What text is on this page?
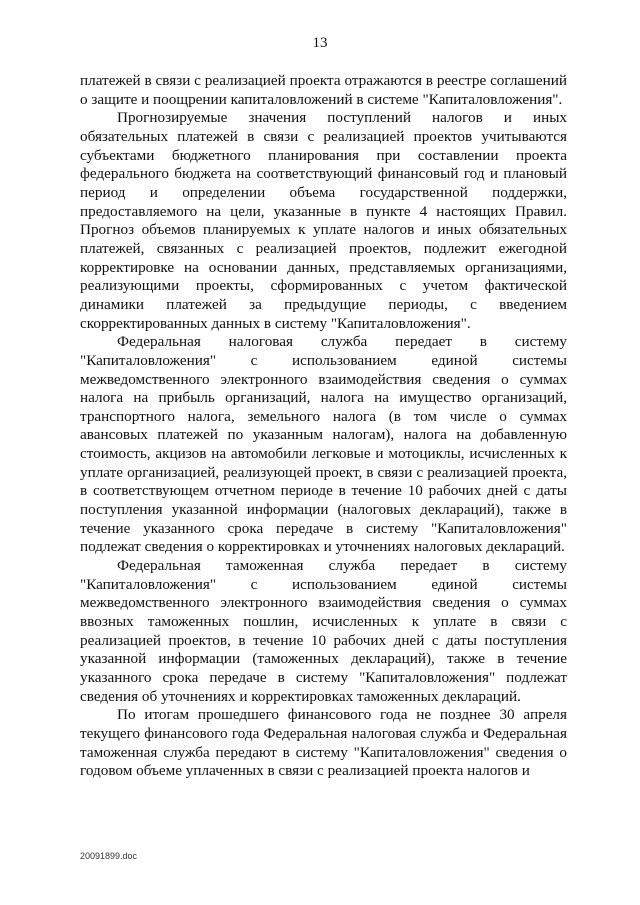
13

платежей в связи с реализацией проекта отражаются в реестре соглашений о защите и поощрении капиталовложений в системе "Капиталовложения".

Прогнозируемые значения поступлений налогов и иных обязательных платежей в связи с реализацией проектов учитываются субъектами бюджетного планирования при составлении проекта федерального бюджета на соответствующий финансовый год и плановый период и определении объема государственной поддержки, предоставляемого на цели, указанные в пункте 4 настоящих Правил. Прогноз объемов планируемых к уплате налогов и иных обязательных платежей, связанных с реализацией проектов, подлежит ежегодной корректировке на основании данных, представляемых организациями, реализующими проекты, сформированных с учетом фактической динамики платежей за предыдущие периоды, с введением скорректированных данных в систему "Капиталовложения".

Федеральная налоговая служба передает в систему "Капиталовложения" с использованием единой системы межведомственного электронного взаимодействия сведения о суммах налога на прибыль организаций, налога на имущество организаций, транспортного налога, земельного налога (в том числе о суммах авансовых платежей по указанным налогам), налога на добавленную стоимость, акцизов на автомобили легковые и мотоциклы, исчисленных к уплате организацией, реализующей проект, в связи с реализацией проекта, в соответствующем отчетном периоде в течение 10 рабочих дней с даты поступления указанной информации (налоговых деклараций), также в течение указанного срока передаче в систему "Капиталовложения" подлежат сведения о корректировках и уточнениях налоговых деклараций.

Федеральная таможенная служба передает в систему "Капиталовложения" с использованием единой системы межведомственного электронного взаимодействия сведения о суммах ввозных таможенных пошлин, исчисленных к уплате в связи с реализацией проектов, в течение 10 рабочих дней с даты поступления указанной информации (таможенных деклараций), также в течение указанного срока передаче в систему "Капиталовложения" подлежат сведения об уточнениях и корректировках таможенных деклараций.

По итогам прошедшего финансового года не позднее 30 апреля текущего финансового года Федеральная налоговая служба и Федеральная таможенная служба передают в систему "Капиталовложения" сведения о годовом объеме уплаченных в связи с реализацией проекта налогов и

20091899.doc
